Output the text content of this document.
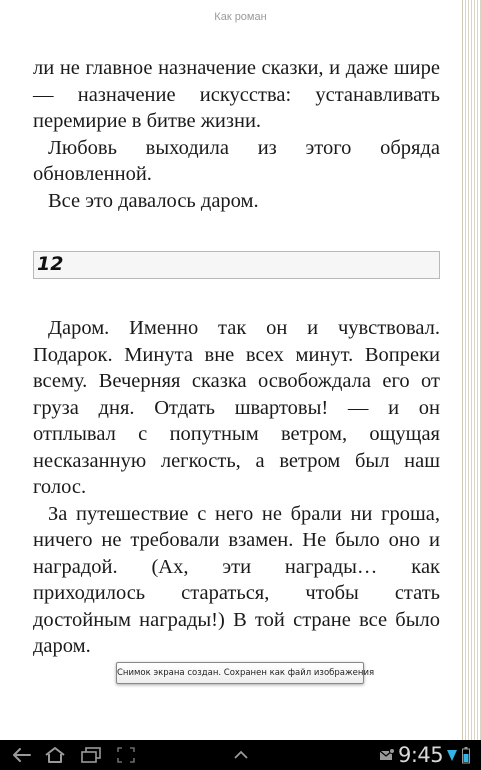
Как роман

ли не главное назначение сказки, и даже шире — назначение искусства: устанавливать перемирие в битве жизни.

Любовь выходила из этого обряда обновленной.

Все это давалось даром.

12

Даром. Именно так он и чувствовал. Подарок. Минута вне всех минут. Вопреки всему. Вечерняя сказка освобождала его от груза дня. Отдать швартовы! — и он отплывал с попутным ветром, ощущая несказанную легкость, а ветром был наш голос.

За путешествие с него не брали ни гроша, ничего не требовали взамен. Не было оно и наградой. (Ах, эти награды… как приходилось стараться, чтобы стать достойным награды!) В той стране все было даром.

Снимок экрана создан. Сохранен как файл изображения
9:45
